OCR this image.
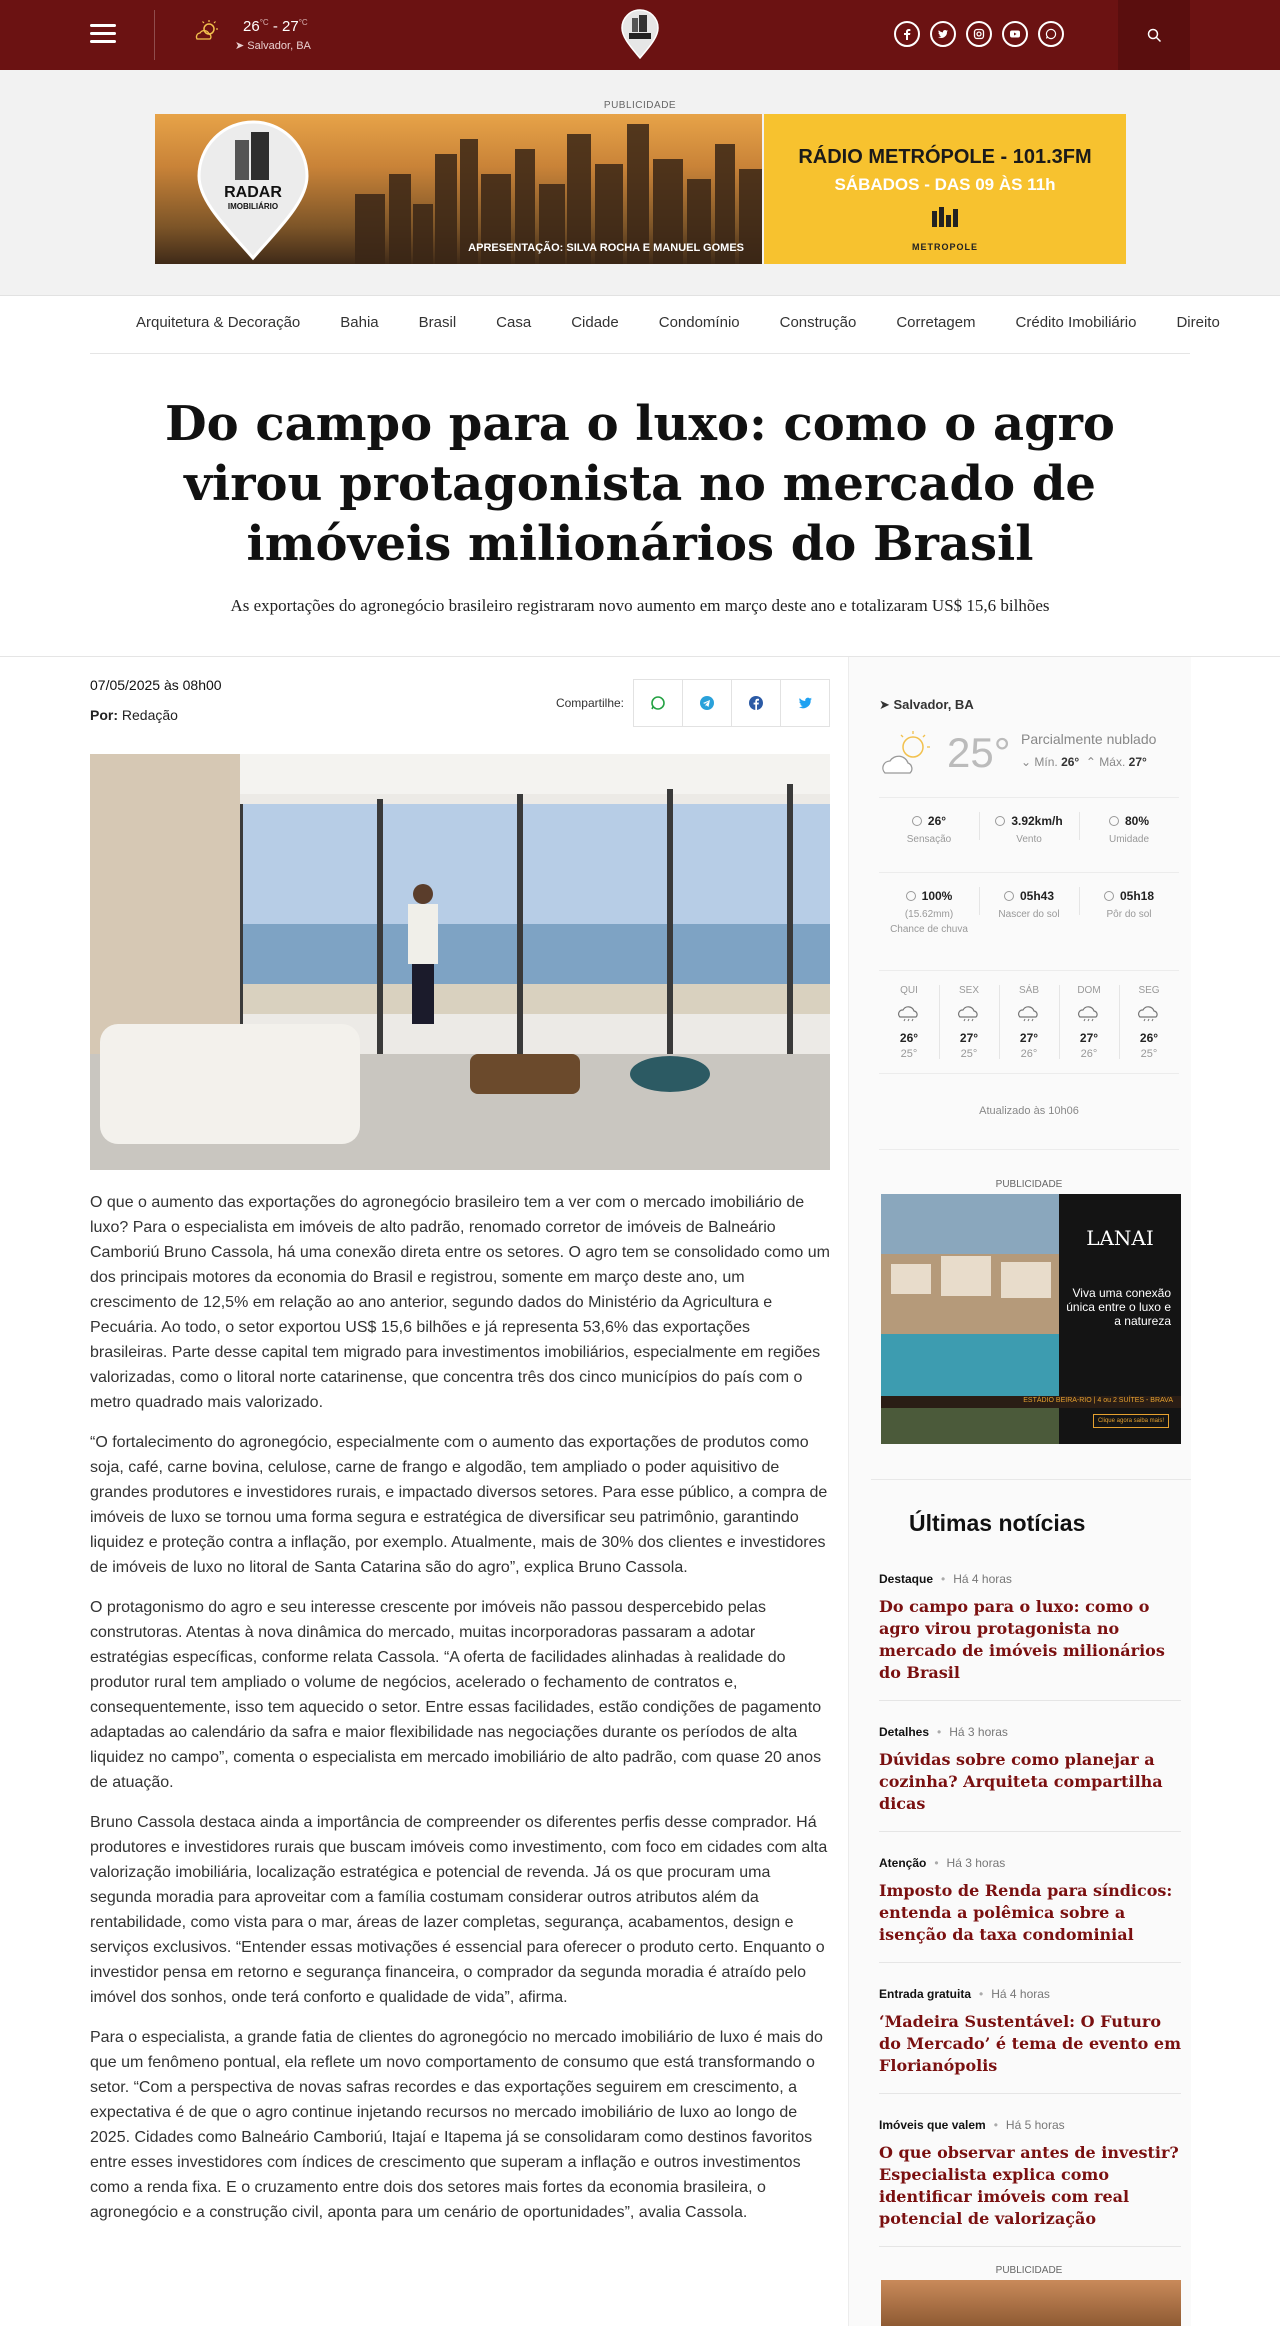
$26^{^\circ C} - 27^{^\circ C}$
➤ Salvador, BA
PUBLICIDADE
RADAR
IMOBILIÁRIO
APRESENTAÇÃO: SILVA ROCHA E MANUEL GOMES
RÁDIO METRÓPOLE - 101.3FM
SÁBADOS - DAS 09 ÀS 11h
METROPOLE
Arquitetura & Decoração	Bahia	Brasil	Casa	Cidade	Condomínio	Construção	Corretagem	Crédito Imobiliário	Direito
Do campo para o luxo: como o agro virou protagonista no mercado de imóveis milionários do Brasil
As exportações do agronegócio brasileiro registraram novo aumento em março deste ano e totalizaram US$ 15,6 bilhões
07/05/2025 às 08h00
Por: Redação
Compartilhe:

O que o aumento das exportações do agronegócio brasileiro tem a ver com o mercado imobiliário de luxo? Para o especialista em imóveis de alto padrão, renomado corretor de imóveis de Balneário Camboriú Bruno Cassola, há uma conexão direta entre os setores. O agro tem se consolidado como um dos principais motores da economia do Brasil e registrou, somente em março deste ano, um crescimento de 12,5% em relação ao ano anterior, segundo dados do Ministério da Agricultura e Pecuária. Ao todo, o setor exportou US$ 15,6 bilhões e já representa 53,6% das exportações brasileiras. Parte desse capital tem migrado para investimentos imobiliários, especialmente em regiões valorizadas, como o litoral norte catarinense, que concentra três dos cinco municípios do país com o metro quadrado mais valorizado.

“O fortalecimento do agronegócio, especialmente com o aumento das exportações de produtos como soja, café, carne bovina, celulose, carne de frango e algodão, tem ampliado o poder aquisitivo de grandes produtores e investidores rurais, e impactado diversos setores. Para esse público, a compra de imóveis de luxo se tornou uma forma segura e estratégica de diversificar seu patrimônio, garantindo liquidez e proteção contra a inflação, por exemplo. Atualmente, mais de 30% dos clientes e investidores de imóveis de luxo no litoral de Santa Catarina são do agro”, explica Bruno Cassola.

O protagonismo do agro e seu interesse crescente por imóveis não passou despercebido pelas construtoras. Atentas à nova dinâmica do mercado, muitas incorporadoras passaram a adotar estratégias específicas, conforme relata Cassola. “A oferta de facilidades alinhadas à realidade do produtor rural tem ampliado o volume de negócios, acelerado o fechamento de contratos e, consequentemente, isso tem aquecido o setor. Entre essas facilidades, estão condições de pagamento adaptadas ao calendário da safra e maior flexibilidade nas negociações durante os períodos de alta liquidez no campo”, comenta o especialista em mercado imobiliário de alto padrão, com quase 20 anos de atuação.

Bruno Cassola destaca ainda a importância de compreender os diferentes perfis desse comprador. Há produtores e investidores rurais que buscam imóveis como investimento, com foco em cidades com alta valorização imobiliária, localização estratégica e potencial de revenda. Já os que procuram uma segunda moradia para aproveitar com a família costumam considerar outros atributos além da rentabilidade, como vista para o mar, áreas de lazer completas, segurança, acabamentos, design e serviços exclusivos. “Entender essas motivações é essencial para oferecer o produto certo. Enquanto o investidor pensa em retorno e segurança financeira, o comprador da segunda moradia é atraído pelo imóvel dos sonhos, onde terá conforto e qualidade de vida”, afirma.

Para o especialista, a grande fatia de clientes do agronegócio no mercado imobiliário de luxo é mais do que um fenômeno pontual, ela reflete um novo comportamento de consumo que está transformando o setor. “Com a perspectiva de novas safras recordes e das exportações seguirem em crescimento, a expectativa é de que o agro continue injetando recursos no mercado imobiliário de luxo ao longo de 2025. Cidades como Balneário Camboriú, Itajaí e Itapema já se consolidaram como destinos favoritos entre esses investidores com índices de crescimento que superam a inflação e outros investimentos como a renda fixa. E o cruzamento entre dois dos setores mais fortes da economia brasileira, o agronegócio e a construção civil, aponta para um cenário de oportunidades”, avalia Cassola.

➤ Salvador, BA
25° Parcialmente nublado
⌄ Mín. 26°  ⌃ Máx. 27°
26°
Sensação
3.92km/h
Vento
80%
Umidade
100%
(15.62mm)
Chance de chuva
05h43
Nascer do sol
05h18
Pôr do sol
QUI
26°
25°
SEX
27°
25°
SÁB
27°
26°
DOM
27°
26°
SEG
26°
25°
Atualizado às 10h06
PUBLICIDADE
LANAI
Viva uma conexão única entre o luxo e a natureza
ESTÁDIO BEIRA-RIO | 4 ou 2 SUÍTES - BRAVA
Clique agora saiba mais!
Últimas notícias
Destaque • Há 4 horas
Do campo para o luxo: como o agro virou protagonista no mercado de imóveis milionários do Brasil
Detalhes • Há 3 horas
Dúvidas sobre como planejar a cozinha? Arquiteta compartilha dicas
Atenção • Há 3 horas
Imposto de Renda para síndicos: entenda a polêmica sobre a isenção da taxa condominial
Entrada gratuita • Há 4 horas
‘Madeira Sustentável: O Futuro do Mercado’ é tema de evento em Florianópolis
Imóveis que valem • Há 5 horas
O que observar antes de investir? Especialista explica como identificar imóveis com real potencial de valorização
PUBLICIDADE
